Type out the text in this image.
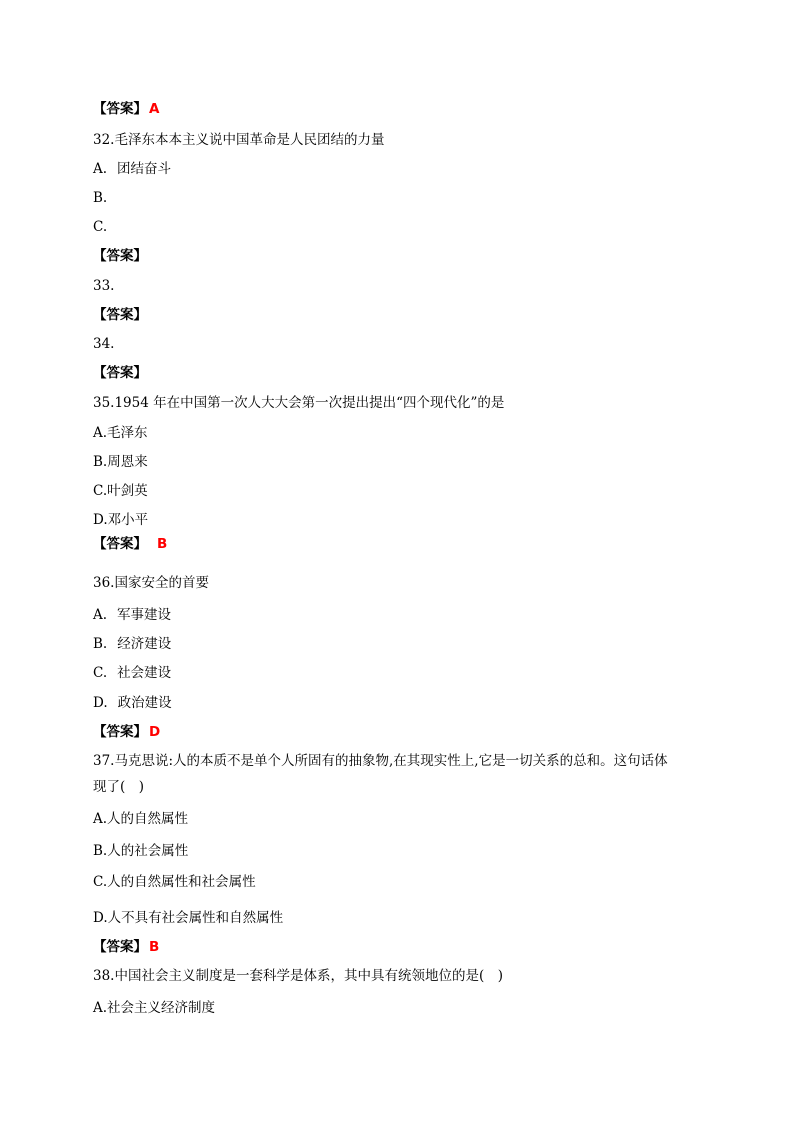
【答案】 A
32.毛泽东本本主义说中国革命是人民团结的力量
A. 团结奋斗
B.
C.
【答案】
33.
【答案】
34.
【答案】
35.1954 年在中国第一次人大大会第一次提出提出“四个现代化”的是
A.毛泽东
B.周恩来
C.叶剑英
D.邓小平
【答案】 B
36.国家安全的首要
A. 军事建设
B. 经济建设
C. 社会建设
D. 政治建设
【答案】 D
37.马克思说:人的本质不是单个人所固有的抽象物,在其现实性上,它是一切关系的总和。这句话体
现了(　)
A.人的自然属性
B.人的社会属性
C.人的自然属性和社会属性
D.人不具有社会属性和自然属性
【答案】 B
38.中国社会主义制度是一套科学是体系，其中具有统领地位的是(　)
A.社会主义经济制度
